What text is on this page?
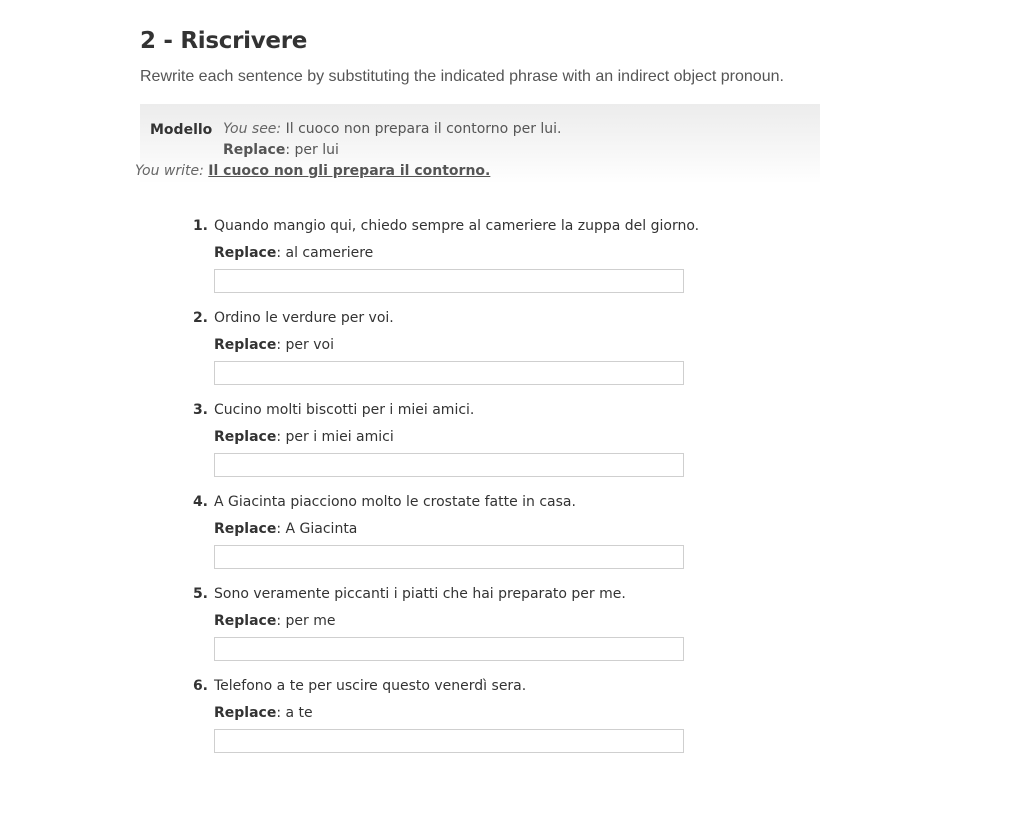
2 - Riscrivere
Rewrite each sentence by substituting the indicated phrase with an indirect object pronoun.
Modello You see: Il cuoco non prepara il contorno per lui.
Replace: per lui
You write: Il cuoco non gli prepara il contorno.
1. Quando mangio qui, chiedo sempre al cameriere la zuppa del giorno.
Replace: al cameriere
2. Ordino le verdure per voi.
Replace: per voi
3. Cucino molti biscotti per i miei amici.
Replace: per i miei amici
4. A Giacinta piacciono molto le crostate fatte in casa.
Replace: A Giacinta
5. Sono veramente piccanti i piatti che hai preparato per me.
Replace: per me
6. Telefono a te per uscire questo venerdì sera.
Replace: a te
